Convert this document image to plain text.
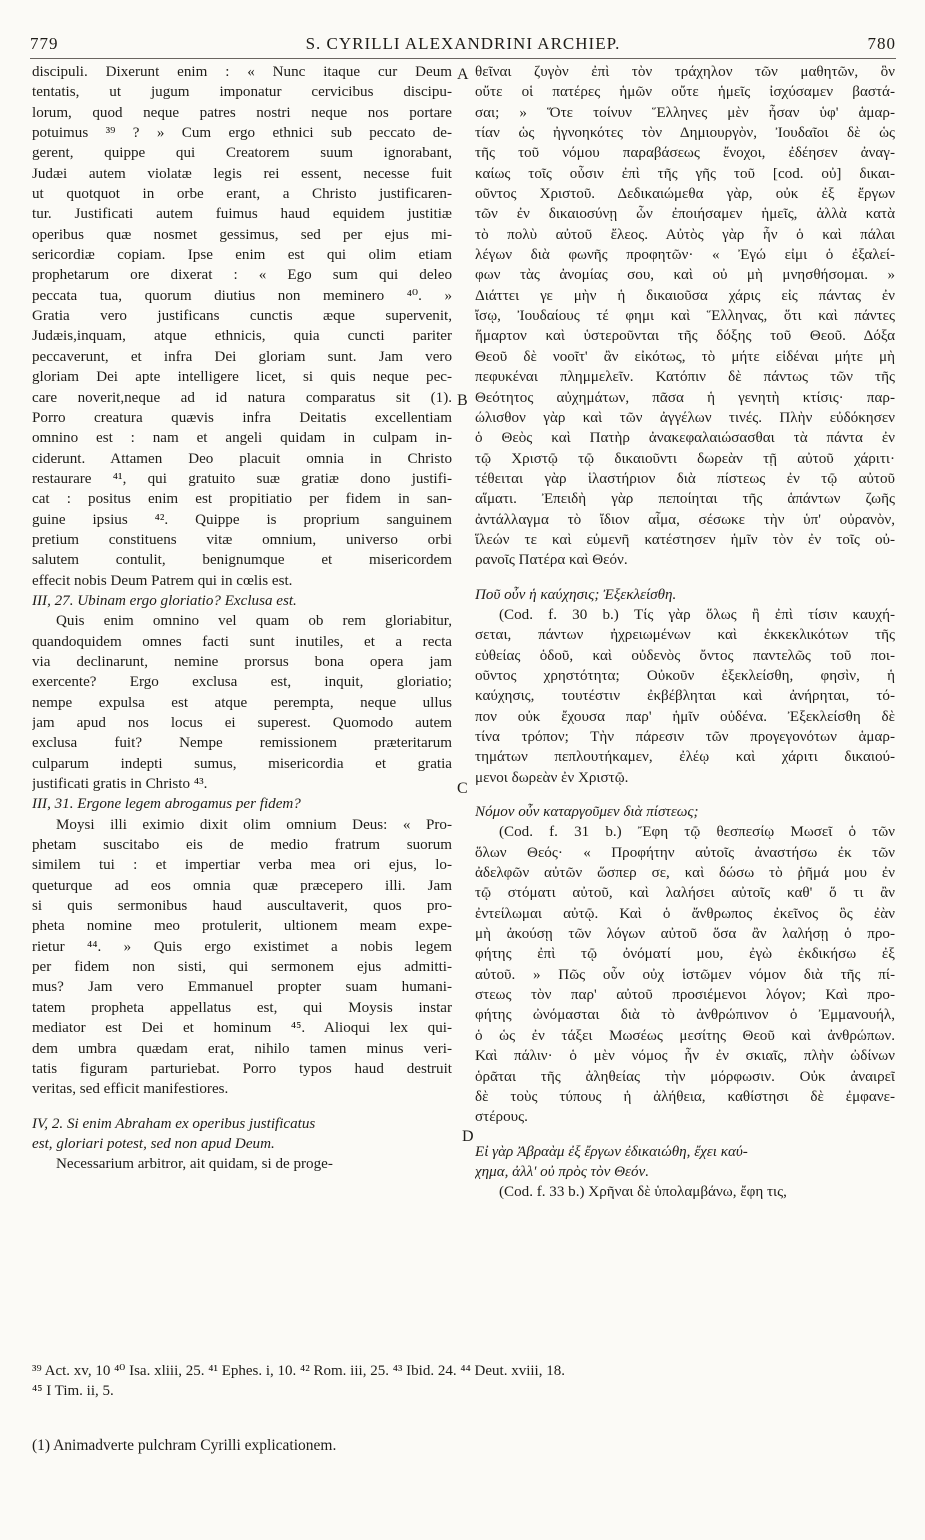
779	S. CYRILLI ALEXANDRINI ARCHIEP.	780
discipuli. Dixerunt enim : « Nunc itaque cur Deum
tentatis, ut jugum imponatur cervicibus discipu-
lorum, quod neque patres nostri neque nos portare
potuimus ³⁹ ? » Cum ergo ethnici sub peccato de-
gerent, quippe qui Creatorem suum ignorabant,
Judæi autem violatæ legis rei essent, necesse fuit
ut quotquot in orbe erant, a Christo justificaren-
tur. Justificati autem fuimus haud equidem justitiæ
operibus quæ nosmet gessimus, sed per ejus mi-
sericordiæ copiam. Ipse enim est qui olim etiam
prophetarum ore dixerat : « Ego sum qui deleo
peccata tua, quorum diutius non meminero ⁴⁰. »
Gratia vero justificans cunctis æque supervenit,
Judæis,inquam, atque ethnicis, quia cuncti pariter
peccaverunt, et infra Dei gloriam sunt. Jam vero
gloriam Dei apte intelligere licet, si quis neque pec-
care noverit,neque ad id natura comparatus sit (1).
Porro creatura quævis infra Deitatis excellentiam
omnino est : nam et angeli quidam in culpam in-
ciderunt. Attamen Deo placuit omnia in Christo
restaurare ⁴¹, qui gratuito suæ gratiæ dono justifi-
cat : positus enim est propitiatio per fidem in san-
guine ipsius ⁴². Quippe is proprium sanguinem
pretium constituens vitæ omnium, universo orbi
salutem contulit, benignumque et misericordem
effecit nobis Deum Patrem qui in cœlis est.
III, 27. Ubinam ergo gloriatio? Exclusa est.
Quis enim omnino vel quam ob rem gloriabitur,
quandoquidem omnes facti sunt inutiles, et a recta
via declinarunt, nemine prorsus bona opera jam
exercente? Ergo exclusa est, inquit, gloriatio;
nempe expulsa est atque perempta, neque ullus
jam apud nos locus ei superest. Quomodo autem
exclusa fuit? Nempe remissionem præteritarum
culparum indepti sumus, misericordia et gratia
justificati gratis in Christo ⁴³.
III, 31. Ergone legem abrogamus per fidem?
Moysi illi eximio dixit olim omnium Deus: « Pro-
phetam suscitabo eis de medio fratrum suorum
similem tui : et impertiar verba mea ori ejus, lo-
queturque ad eos omnia quæ præcepero illi. Jam
si quis sermonibus haud auscultaverit, quos pro-
pheta nomine meo protulerit, ultionem meam expe-
rietur ⁴⁴. » Quis ergo existimet a nobis legem
per fidem non sisti, qui sermonem ejus admitti-
mus? Jam vero Emmanuel propter suam humani-
tatem propheta appellatus est, qui Moysis instar
mediator est Dei et hominum ⁴⁵. Alioqui lex qui-
dem umbra quædam erat, nihilo tamen minus veri-
tatis figuram parturiebat. Porro typos haud destruit
veritas, sed efficit manifestiores.
IV, 2. Si enim Abraham ex operibus justificatus
est, gloriari potest, sed non apud Deum.
Necessarium arbitror, ait quidam, si de proge-
θεῖναι ζυγὸν ἐπὶ τὸν τράχηλον τῶν μαθητῶν, ὃν
οὔτε οἱ πατέρες ἡμῶν οὔτε ἡμεῖς ἰσχύσαμεν βαστά-
σαι; » Ὅτε τοίνυν Ἕλληνες μὲν ἦσαν ὑφ' ἁμαρ-
τίαν ὡς ἠγνοηκότες τὸν Δημιουργὸν, Ἰουδαῖοι δὲ ὡς
τῆς τοῦ νόμου παραβάσεως ἔνοχοι, ἐδέησεν ἀναγ-
καίως τοῖς οὖσιν ἐπὶ τῆς γῆς τοῦ [cod. οὐ] δικαι-
οῦντος Χριστοῦ. Δεδικαιώμεθα γὰρ, οὐκ ἐξ ἔργων
τῶν ἐν δικαιοσύνῃ ὧν ἐποιήσαμεν ἡμεῖς, ἀλλὰ κατὰ
τὸ πολὺ αὐτοῦ ἔλεος. Αὐτὸς γὰρ ἦν ὁ καὶ πάλαι
λέγων διὰ φωνῆς προφητῶν· « Ἐγώ εἰμι ὁ ἐξαλεί-
φων τὰς ἀνομίας σου, καὶ οὐ μὴ μνησθήσομαι. »
Διάττει γε μὴν ἡ δικαιοῦσα χάρις εἰς πάντας ἐν
ἴσῳ, Ἰουδαίους τέ φημι καὶ Ἕλληνας, ὅτι καὶ πάντες
ἥμαρτον καὶ ὑστεροῦνται τῆς δόξης τοῦ Θεοῦ. Δόξα
Θεοῦ δὲ νοοῖτ' ἂν εἰκότως, τὸ μήτε εἰδέναι μήτε μὴ
πεφυκέναι πλημμελεῖν. Κατόπιν δὲ πάντως τῶν τῆς
Θεότητος αὐχημάτων, πᾶσα ἡ γενητὴ κτίσις· παρ-
ώλισθον γὰρ καὶ τῶν ἀγγέλων τινές. Πλὴν εὐδόκησεν
ὁ Θεὸς καὶ Πατὴρ ἀνακεφαλαιώσασθαι τὰ πάντα ἐν
τῷ Χριστῷ τῷ δικαιοῦντι δωρεὰν τῇ αὐτοῦ χάριτι·
τέθειται γὰρ ἱλαστήριον διὰ πίστεως ἐν τῷ αὐτοῦ
αἵματι. Ἐπειδὴ γὰρ πεποίηται τῆς ἁπάντων ζωῆς
ἀντάλλαγμα τὸ ἴδιον αἷμα, σέσωκε τὴν ὑπ' οὐρανὸν,
ἵλεών τε καὶ εὐμενῆ κατέστησεν ἡμῖν τὸν ἐν τοῖς οὐ-
ρανοῖς Πατέρα καὶ Θεόν.
Ποῦ οὖν ἡ καύχησις; Ἐξεκλείσθη.
(Cod. f. 30 b.) Τίς γὰρ ὅλως ἢ ἐπὶ τίσιν καυχή-
σεται, πάντων ἠχρειωμένων καὶ ἐκκεκλικότων τῆς
εὐθείας ὁδοῦ, καὶ οὐδενὸς ὄντος παντελῶς τοῦ ποι-
οῦντος χρηστότητα; Οὐκοῦν ἐξεκλείσθη, φησὶν, ἡ
καύχησις, τουτέστιν ἐκβέβληται καὶ ἀνήρηται, τό-
πον οὐκ ἔχουσα παρ' ἡμῖν οὐδένα. Ἐξεκλείσθη δὲ
τίνα τρόπον; Τὴν πάρεσιν τῶν προγεγονότων ἁμαρ-
τημάτων πεπλουτήκαμεν, ἐλέῳ καὶ χάριτι δικαιού-
μενοι δωρεὰν ἐν Χριστῷ.
Νόμον οὖν καταργοῦμεν διὰ πίστεως;
(Cod. f. 31 b.) Ἔφη τῷ θεσπεσίῳ Μωσεῖ ὁ τῶν
ὅλων Θεός· « Προφήτην αὐτοῖς ἀναστήσω ἐκ τῶν
ἀδελφῶν αὐτῶν ὥσπερ σε, καὶ δώσω τὸ ῥῆμά μου ἐν
τῷ στόματι αὐτοῦ, καὶ λαλήσει αὐτοῖς καθ' ὅ τι ἂν
ἐντείλωμαι αὐτῷ. Καὶ ὁ ἄνθρωπος ἐκεῖνος ὃς ἐὰν
μὴ ἀκούσῃ τῶν λόγων αὐτοῦ ὅσα ἂν λαλήσῃ ὁ προ-
φήτης ἐπὶ τῷ ὀνόματί μου, ἐγὼ ἐκδικήσω ἐξ
αὐτοῦ. » Πῶς οὖν οὐχ ἱστῶμεν νόμον διὰ τῆς πί-
στεως τὸν παρ' αὐτοῦ προσιέμενοι λόγον; Καὶ προ-
φήτης ὠνόμασται διὰ τὸ ἀνθρώπινον ὁ Ἐμμανουήλ,
ὁ ὡς ἐν τάξει Μωσέως μεσίτης Θεοῦ καὶ ἀνθρώπων.
Καὶ πάλιν· ὁ μὲν νόμος ἦν ἐν σκιαῖς, πλὴν ὠδίνων
ὁρᾶται τῆς ἀληθείας τὴν μόρφωσιν. Οὐκ ἀναιρεῖ
δὲ τοὺς τύπους ἡ ἀλήθεια, καθίστησι δὲ ἐμφανε-
στέρους.
Εἰ γὰρ Ἀβραὰμ ἐξ ἔργων ἐδικαιώθη, ἔχει καύ-
χημα, ἀλλ' οὐ πρὸς τὸν Θεόν.
(Cod. f. 33 b.) Χρῆναι δὲ ὑπολαμβάνω, ἔφη τις,
A
B
C
D
³⁹ Act. xv, 10 ⁴⁰ Isa. xliii, 25. ⁴¹ Ephes. i, 10. ⁴² Rom. iii, 25. ⁴³ Ibid. 24. ⁴⁴ Deut. xviii, 18.
⁴⁵ I Tim. ii, 5.
(1) Animadverte pulchram Cyrilli explicationem.
